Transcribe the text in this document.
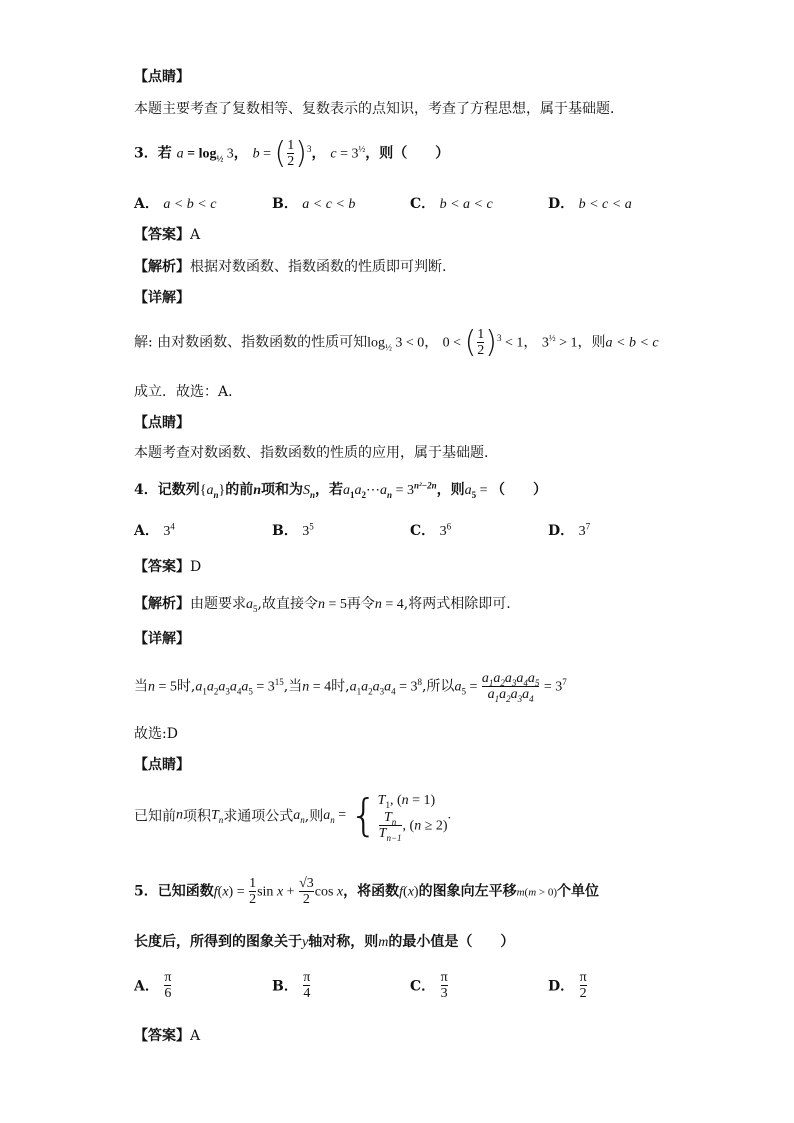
【点睛】
本题主要考查了复数相等、复数表示的点知识，考查了方程思想，属于基础题．
3．若 $a = \log_{\frac{1}{2}} 3$， b = ( $\frac{1}{2} )^3$， $c = 3^{\frac{1}{2}}$，则（　　）
A． a < b < c	B． a < c < b	C． b < a < c	D． b < c < a
【答案】A
【解析】根据对数函数、指数函数的性质即可判断.
【详解】
解: 由对数函数、指数函数的性质可知$\log_{\frac{1}{2}} 3 < 0$， 0 < ( $\frac{1}{2} )^3 < 1$， $3^{\frac{1}{2}} > 1$，则a < b < c
成立．故选：A．
【点睛】
本题考查对数函数、指数函数的性质的应用，属于基础题.
4．记数列$\{a_n\}$的前n项和为$S_n$，若$a_1a_2\cdots a_n = 3^{n^2-2n}$，则$a_5$ = （　　）
A． $3^4$	B． $3^5$	C． $3^6$	D． $3^7$
【答案】D
【解析】由题要求$a_5$,故直接令n = 5再令n = 4,将两式相除即可.
【详解】
当n = 5时$,a_1a_2a_3a_4a_5 = 3^{15}$,当n = 4时$,a_1a_2a_3a_4 = 3^8$,所以$a_5 = \frac{a_1a_2a_3a_4a_5}{a_1a_2a_3a_4} = 3^7$
故选:D
【点睛】
已知前n项积$T_n$求通项公式$a_n$,则$a_n$ = { $T_1$, (n = 1)
$\frac{T_n}{T_{n-1}}$ , (n ≥ 2)
.
5．已知函数$f(x) = \frac{1}{2}$ $\sin x + \frac{√3}{2}$ cos x，将函数f(x)的图象向左平移m(m > 0)个单位
长度后，所得到的图象关于y轴对称，则m的最小值是（　　）
A． $\frac{\pi}{6}$	B． $\frac{\pi}{4}$	C． $\frac{\pi}{3}$	D． $\frac{\pi}{2}$
【答案】A
